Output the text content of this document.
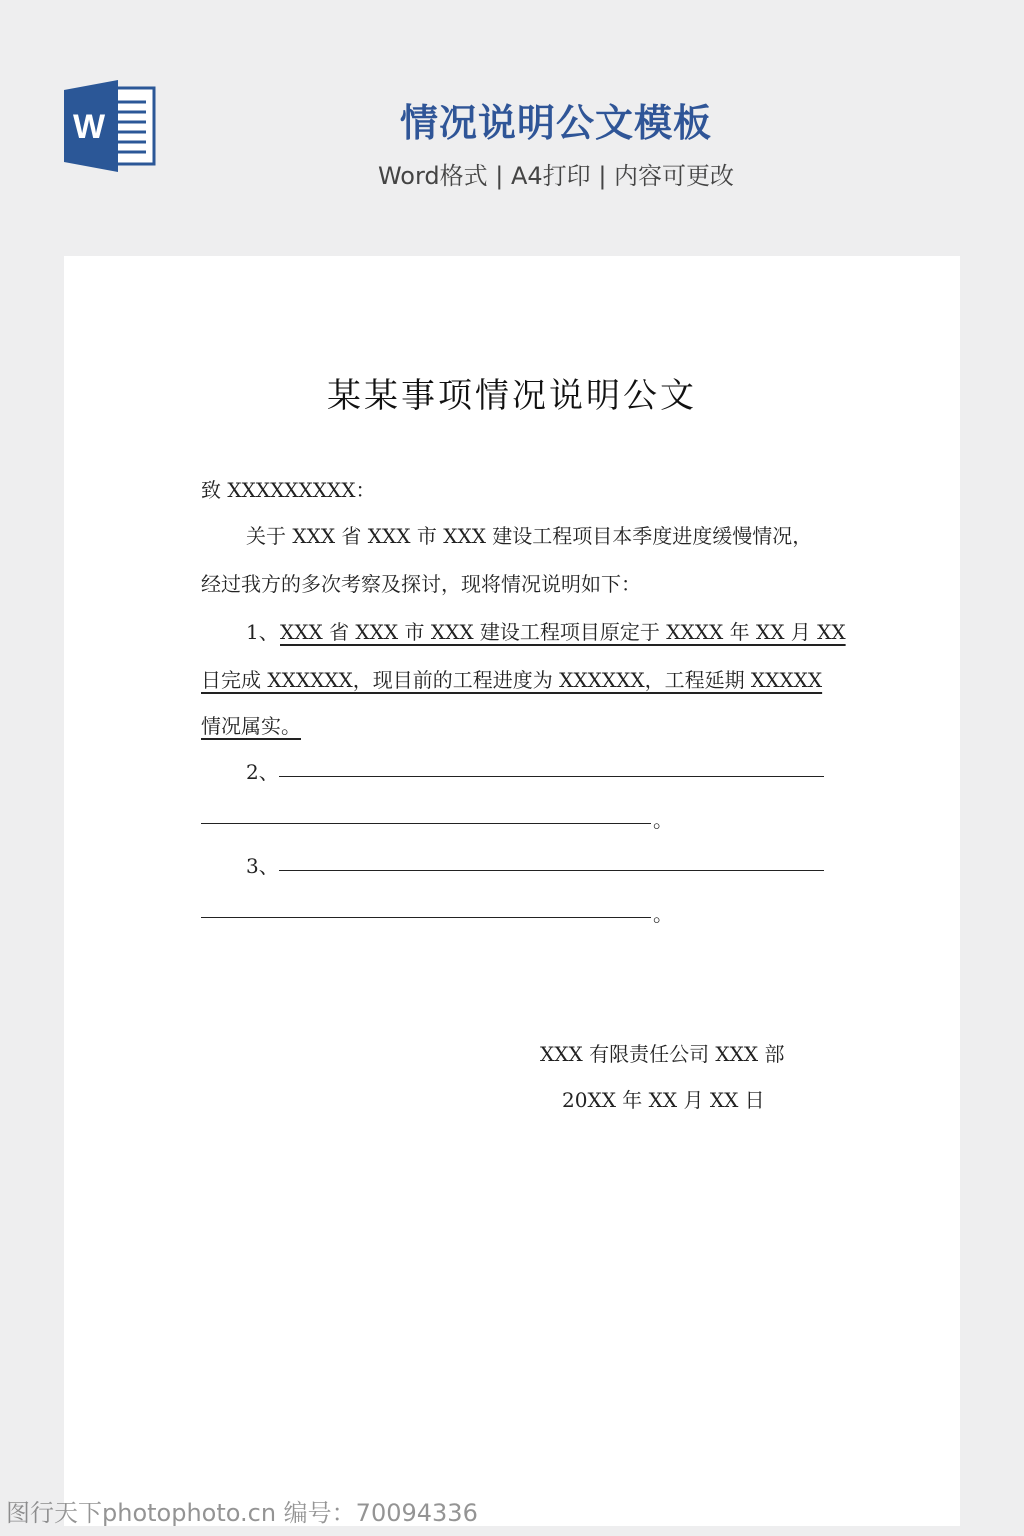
W	情况说明公文模板
Word格式 | A4打印 | 内容可更改
某某事项情况说明公文
致 XXXXXXXXX：
关于 XXX 省 XXX 市 XXX 建设工程项目本季度进度缓慢情况，
经过我方的多次考察及探讨，现将情况说明如下：
1、 XXX 省 XXX 市 XXX 建设工程项目原定于 XXXX 年 XX 月 XX
日完成 XXXXXX，现目前的工程进度为 XXXXXX，工程延期 XXXXX
情况属实。
2、
。
3、
。
XXX 有限责任公司 XXX 部
20XX 年 XX 月 XX 日
图行天下photophoto.cn 编号：70094336
